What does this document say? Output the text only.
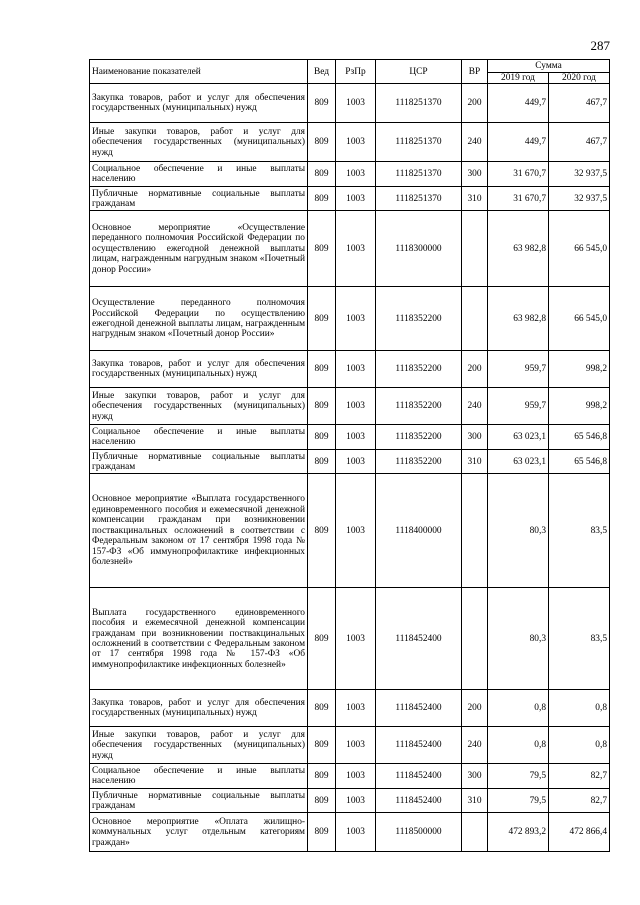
287
Наименование показателей	Вед	РзПр	ЦСР	ВР	Сумма	
					2019 год	2020 год
Закупка товаров, работ и услуг для обеспечения государственных (муниципальных) нужд	809	1003	1118251370	200	449,7	467,7
Иные закупки товаров, работ и услуг для обеспечения государственных (муниципальных) нужд	809	1003	1118251370	240	449,7	467,7
Социальное обеспечение и иные выплаты населению	809	1003	1118251370	300	31 670,7	32 937,5
Публичные нормативные социальные выплаты гражданам	809	1003	1118251370	310	31 670,7	32 937,5
Основное мероприятие «Осуществление переданного полномочия Российской Федерации по осуществлению ежегодной денежной выплаты лицам, награжденным нагрудным знаком «Почетный донор России»	809	1003	1118300000		63 982,8	66 545,0
Осуществление переданного полномочия Российской Федерации по осуществлению ежегодной денежной выплаты лицам, награжденным нагрудным знаком «Почетный донор России»	809	1003	1118352200		63 982,8	66 545,0
Закупка товаров, работ и услуг для обеспечения государственных (муниципальных) нужд	809	1003	1118352200	200	959,7	998,2
Иные закупки товаров, работ и услуг для обеспечения государственных (муниципальных) нужд	809	1003	1118352200	240	959,7	998,2
Социальное обеспечение и иные выплаты населению	809	1003	1118352200	300	63 023,1	65 546,8
Публичные нормативные социальные выплаты гражданам	809	1003	1118352200	310	63 023,1	65 546,8
Основное мероприятие «Выплата государственного единовременного пособия и ежемесячной денежной компенсации гражданам при возникновении поствакцинальных осложнений в соответствии с Федеральным законом от 17 сентября 1998 года № 157-ФЗ «Об иммунопрофилактике инфекционных болезней»	809	1003	1118400000		80,3	83,5
Выплата государственного единовременного пособия и ежемесячной денежной компенсации гражданам при возникновении поствакцинальных осложнений в соответствии с Федеральным законом от 17 сентября 1998 года № 157-ФЗ «Об иммунопрофилактике инфекционных болезней»	809	1003	1118452400		80,3	83,5
Закупка товаров, работ и услуг для обеспечения государственных (муниципальных) нужд	809	1003	1118452400	200	0,8	0,8
Иные закупки товаров, работ и услуг для обеспечения государственных (муниципальных) нужд	809	1003	1118452400	240	0,8	0,8
Социальное обеспечение и иные выплаты населению	809	1003	1118452400	300	79,5	82,7
Публичные нормативные социальные выплаты гражданам	809	1003	1118452400	310	79,5	82,7
Основное мероприятие «Оплата жилищно-коммунальных услуг отдельным категориям граждан»	809	1003	1118500000		472 893,2	472 866,4
